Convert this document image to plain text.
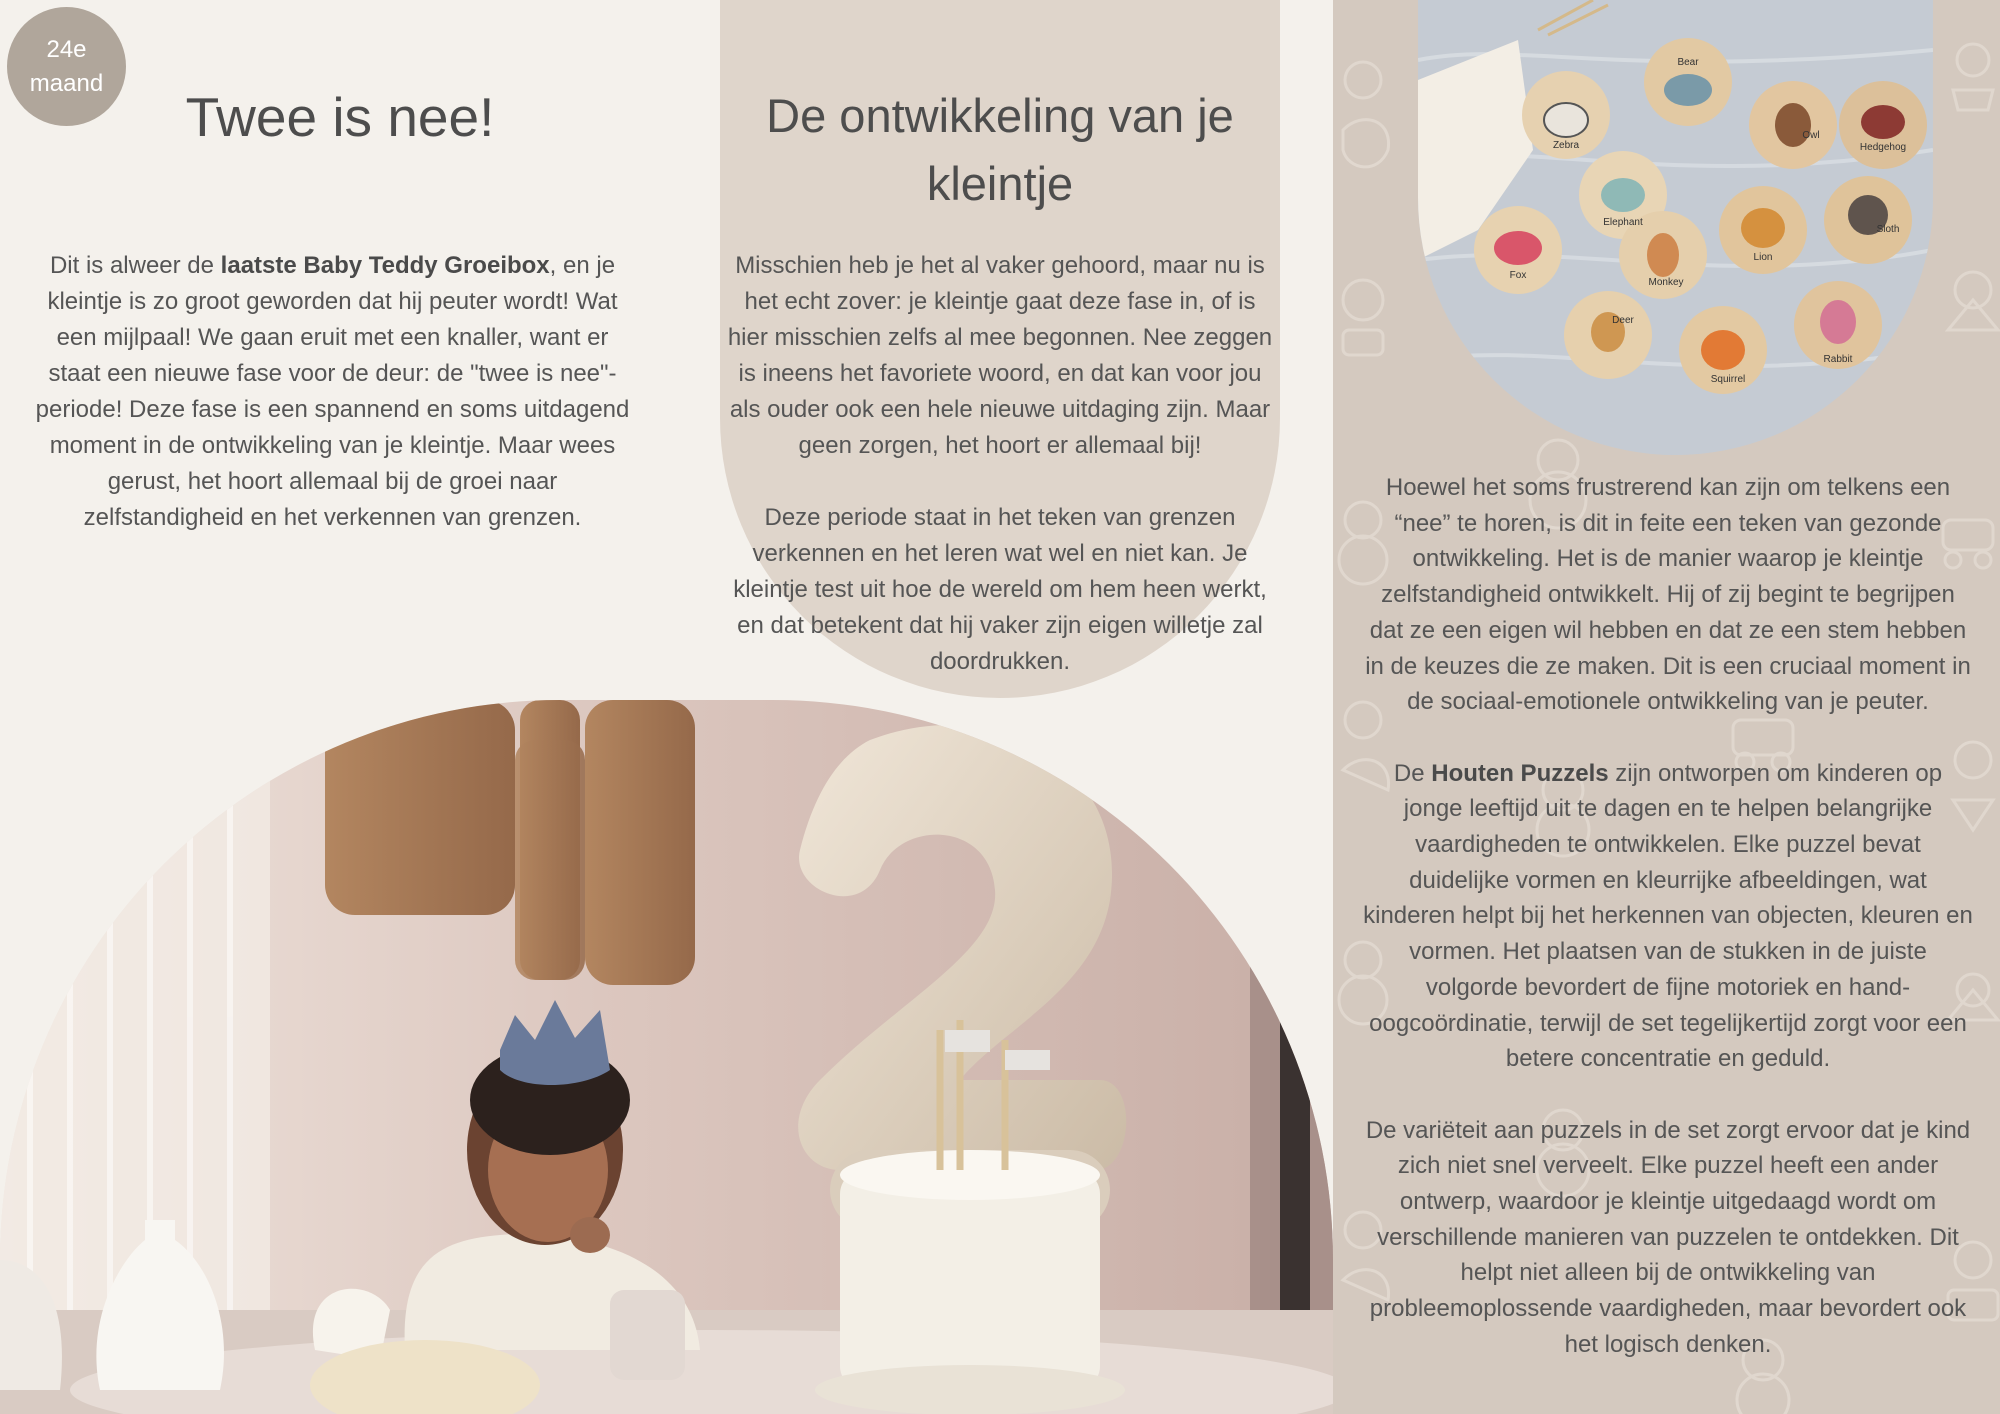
24e
maand
Twee is nee!

Dit is alweer de laatste Baby Teddy Groeibox, en je kleintje is zo groot geworden dat hij peuter wordt! Wat een mijlpaal! We gaan eruit met een knaller, want er staat een nieuwe fase voor de deur: de "twee is nee"-periode! Deze fase is een spannend en soms uitdagend moment in de ontwikkeling van je kleintje. Maar wees gerust, het hoort allemaal bij de groei naar zelfstandigheid en het verkennen van grenzen.

De ontwikkeling van je kleintje

Misschien heb je het al vaker gehoord, maar nu is het echt zover: je kleintje gaat deze fase in, of is hier misschien zelfs al mee begonnen. Nee zeggen is ineens het favoriete woord, en dat kan voor jou als ouder ook een hele nieuwe uitdaging zijn. Maar geen zorgen, het hoort er allemaal bij!

Deze periode staat in het teken van grenzen verkennen en het leren wat wel en niet kan. Je kleintje test uit hoe de wereld om hem heen werkt, en dat betekent dat hij vaker zijn eigen willetje zal doordrukken.

Bear
Zebra
Owl
Hedgehog
Elephant
Sloth
Fox
Monkey
Lion
Deer
Squirrel
Rabbit

Hoewel het soms frustrerend kan zijn om telkens een “nee” te horen, is dit in feite een teken van gezonde ontwikkeling. Het is de manier waarop je kleintje zelfstandigheid ontwikkelt. Hij of zij begint te begrijpen dat ze een eigen wil hebben en dat ze een stem hebben in de keuzes die ze maken. Dit is een cruciaal moment in de sociaal-emotionele ontwikkeling van je peuter.

De Houten Puzzels zijn ontworpen om kinderen op jonge leeftijd uit te dagen en te helpen belangrijke vaardigheden te ontwikkelen. Elke puzzel bevat duidelijke vormen en kleurrijke afbeeldingen, wat kinderen helpt bij het herkennen van objecten, kleuren en vormen. Het plaatsen van de stukken in de juiste volgorde bevordert de fijne motoriek en hand-oogcoördinatie, terwijl de set tegelijkertijd zorgt voor een betere concentratie en geduld.

De variëteit aan puzzels in de set zorgt ervoor dat je kind zich niet snel verveelt. Elke puzzel heeft een ander ontwerp, waardoor je kleintje uitgedaagd wordt om verschillende manieren van puzzelen te ontdekken. Dit helpt niet alleen bij de ontwikkeling van probleemoplossende vaardigheden, maar bevordert ook het logisch denken.
